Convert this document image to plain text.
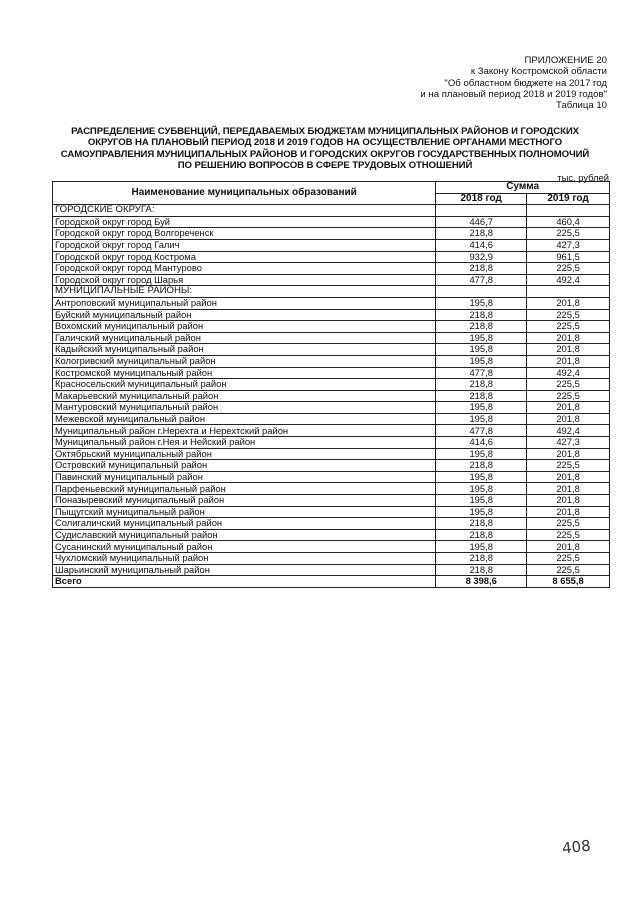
ПРИЛОЖЕНИЕ 20
к Закону Костромской области
"Об областном бюджете на 2017 год
и на плановый период 2018 и 2019 годов"
Таблица 10
РАСПРЕДЕЛЕНИЕ СУБВЕНЦИЙ, ПЕРЕДАВАЕМЫХ БЮДЖЕТАМ МУНИЦИПАЛЬНЫХ РАЙОНОВ И ГОРОДСКИХ
ОКРУГОВ НА ПЛАНОВЫЙ ПЕРИОД 2018 И 2019 ГОДОВ НА ОСУЩЕСТВЛЕНИЕ ОРГАНАМИ МЕСТНОГО
САМОУПРАВЛЕНИЯ МУНИЦИПАЛЬНЫХ РАЙОНОВ И ГОРОДСКИХ ОКРУГОВ ГОСУДАРСТВЕННЫХ ПОЛНОМОЧИЙ
ПО РЕШЕНИЮ ВОПРОСОВ В СФЕРЕ ТРУДОВЫХ ОТНОШЕНИЙ
тыс. рублей
Наименование муниципальных образований	Сумма	
	2018 год	2019 год
ГОРОДСКИЕ ОКРУГА:		
Городской округ город Буй	446,7	460,4
Городской округ город Волгореченск	218,8	225,5
Городской округ город Галич	414,6	427,3
Городской округ город Кострома	932,9	961,5
Городской округ город Мантурово	218,8	225,5
Городской округ город Шарья	477,8	492,4
МУНИЦИПАЛЬНЫЕ РАЙОНЫ:		
Антроповский муниципальный район	195,8	201,8
Буйский муниципальный район	218,8	225,5
Вохомский муниципальный район	218,8	225,5
Галичский муниципальный район	195,8	201,8
Кадыйский муниципальный район	195,8	201,8
Кологривский муниципальный район	195,8	201,8
Костромской муниципальный район	477,8	492,4
Красносельский муниципальный район	218,8	225,5
Макарьевский муниципальный район	218,8	225,5
Мантуровский муниципальный район	195,8	201,8
Межевской муниципальный район	195,8	201,8
Муниципальный район г.Нерехта и Нерехтский район	477,8	492,4
Муниципальный район г.Нея и Нейский район	414,6	427,3
Октябрьский муниципальный район	195,8	201,8
Островский муниципальный район	218,8	225,5
Павинский муниципальный район	195,8	201,8
Парфеньевский муниципальный район	195,8	201,8
Поназыревский муниципальный район	195,8	201,8
Пыщугский муниципальный район	195,8	201,8
Солигаличский муниципальный район	218,8	225,5
Судиславский муниципальный район	218,8	225,5
Сусанинский муниципальный район	195,8	201,8
Чухломский муниципальный район	218,8	225,5
Шарьинский муниципальный район	218,8	225,5
Всего	8 398,6	8 655,8
408
